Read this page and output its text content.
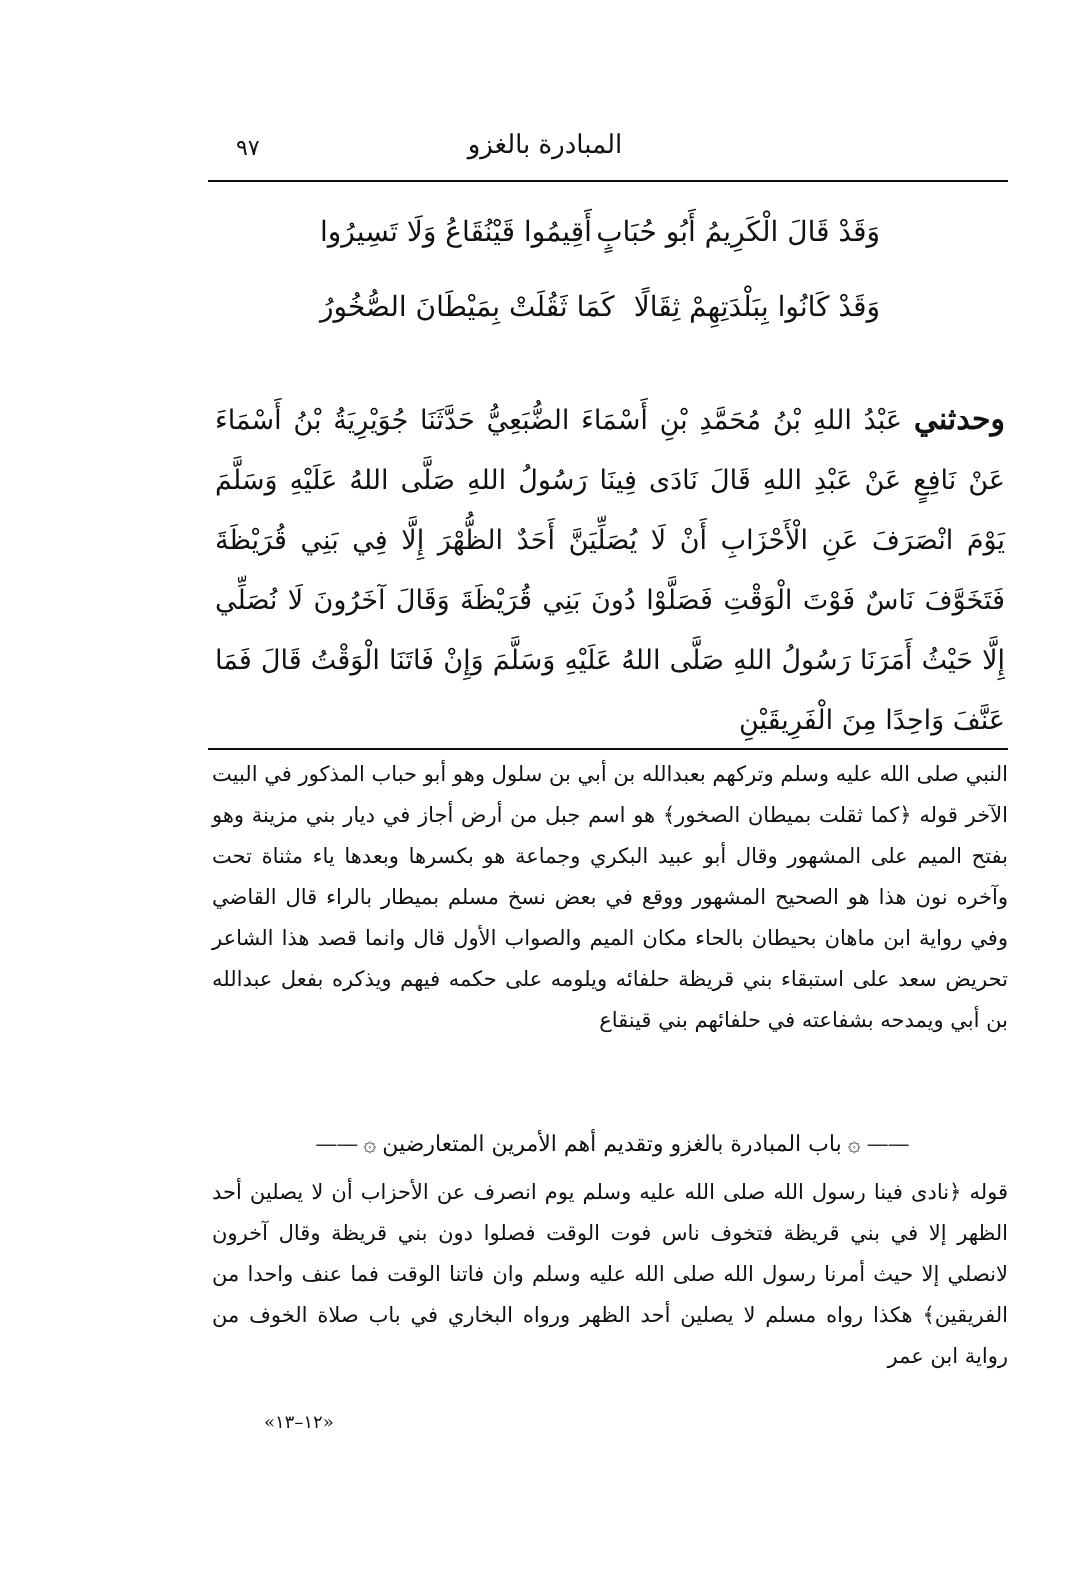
المبادرة بالغزو
٩٧
وَقَدْ قَالَ الْكَرِيمُ أَبُو حُبَابٍ
أَقِيمُوا قَيْنُقَاعُ وَلَا تَسِيرُوا
وَقَدْ كَانُوا بِبَلْدَتِهِمْ ثِقَالًا
كَمَا ثَقُلَتْ بِمَيْطَانَ الصُّخُورُ
وحدثني عَبْدُ اللهِ بْنُ مُحَمَّدِ بْنِ أَسْمَاءَ الضُّبَعِيُّ حَدَّثَنَا جُوَيْرِيَةُ بْنُ أَسْمَاءَ عَنْ نَافِعٍ عَنْ عَبْدِ اللهِ قَالَ نَادَى فِينَا رَسُولُ اللهِ صَلَّى اللهُ عَلَيْهِ وَسَلَّمَ يَوْمَ انْصَرَفَ عَنِ الْأَحْزَابِ أَنْ لَا يُصَلِّيَنَّ أَحَدٌ الظُّهْرَ إِلَّا فِي بَنِي قُرَيْظَةَ فَتَخَوَّفَ نَاسٌ فَوْتَ الْوَقْتِ فَصَلَّوْا دُونَ بَنِي قُرَيْظَةَ وَقَالَ آخَرُونَ لَا نُصَلِّي إِلَّا حَيْثُ أَمَرَنَا رَسُولُ اللهِ صَلَّى اللهُ عَلَيْهِ وَسَلَّمَ وَإِنْ فَاتَنَا الْوَقْتُ قَالَ فَمَا عَنَّفَ وَاحِدًا مِنَ الْفَرِيقَيْنِ
النبي صلى الله عليه وسلم وتركهم بعبدالله بن أبي بن سلول وهو أبو حباب المذكور في البيت الآخر قوله ﴿كما ثقلت بميطان الصخور﴾ هو اسم جبل من أرض أجاز في ديار بني مزينة وهو بفتح الميم على المشهور وقال أبو عبيد البكري وجماعة هو بكسرها وبعدها ياء مثناة تحت وآخره نون هذا هو الصحيح المشهور ووقع في بعض نسخ مسلم بميطار بالراء قال القاضي وفي رواية ابن ماهان بحيطان بالحاء مكان الميم والصواب الأول قال وانما قصد هذا الشاعر تحريض سعد على استبقاء بني قريظة حلفائه ويلومه على حكمه فيهم ويذكره بفعل عبدالله بن أبي ويمدحه بشفاعته في حلفائهم بني قينقاع
——
۞
باب المبادرة بالغزو وتقديم أهم الأمرين المتعارضين
۞
——
قوله ﴿نادى فينا رسول الله صلى الله عليه وسلم يوم انصرف عن الأحزاب أن لا يصلين أحد الظهر إلا في بني قريظة فتخوف ناس فوت الوقت فصلوا دون بني قريظة وقال آخرون لانصلي إلا حيث أمرنا رسول الله صلى الله عليه وسلم وان فاتنا الوقت فما عنف واحدا من الفريقين﴾ هكذا رواه مسلم لا يصلين أحد الظهر ورواه البخاري في باب صلاة الخوف من رواية ابن عمر
«١٢–١٣»
